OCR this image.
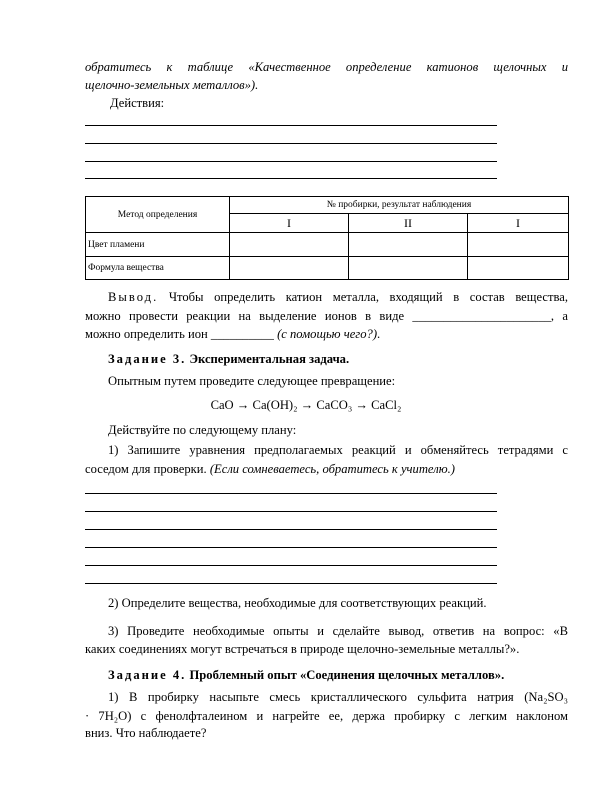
обратитесь к таблице «Качественное определение катионов щелочных и
щелочно-земельных металлов»).
Действия:
Метод определения	№ пробирки, результат наблюдения		
	I	II	I
Цвет пламени			
Формула вещества			
Вывод. Чтобы определить катион металла, входящий в состав вещества,
можно провести реакции на выделение ионов в виде ______________________, а
можно определить ион __________ (с помощью чего?).
Задание 3. Экспериментальная задача.
Опытным путем проведите следующее превращение:
CaO → Ca(OH)₂ → CaCO₃ → CaCl₂
Действуйте по следующему плану:
1) Запишите уравнения предполагаемых реакций и обменяйтесь тетрадями с
соседом для проверки. (Если сомневаетесь, обратитесь к учителю.)
2) Определите вещества, необходимые для соответствующих реакций.
3) Проведите необходимые опыты и сделайте вывод, ответив на вопрос: «В
каких соединениях могут встречаться в природе щелочно-земельные металлы?».
Задание 4. Проблемный опыт «Соединения щелочных металлов».
1) В пробирку насыпьте смесь кристаллического сульфита натрия (Na₂SO₃
· 7H₂O) с фенолфталеином и нагрейте ее, держа пробирку с легким наклоном
вниз. Что наблюдаете?
